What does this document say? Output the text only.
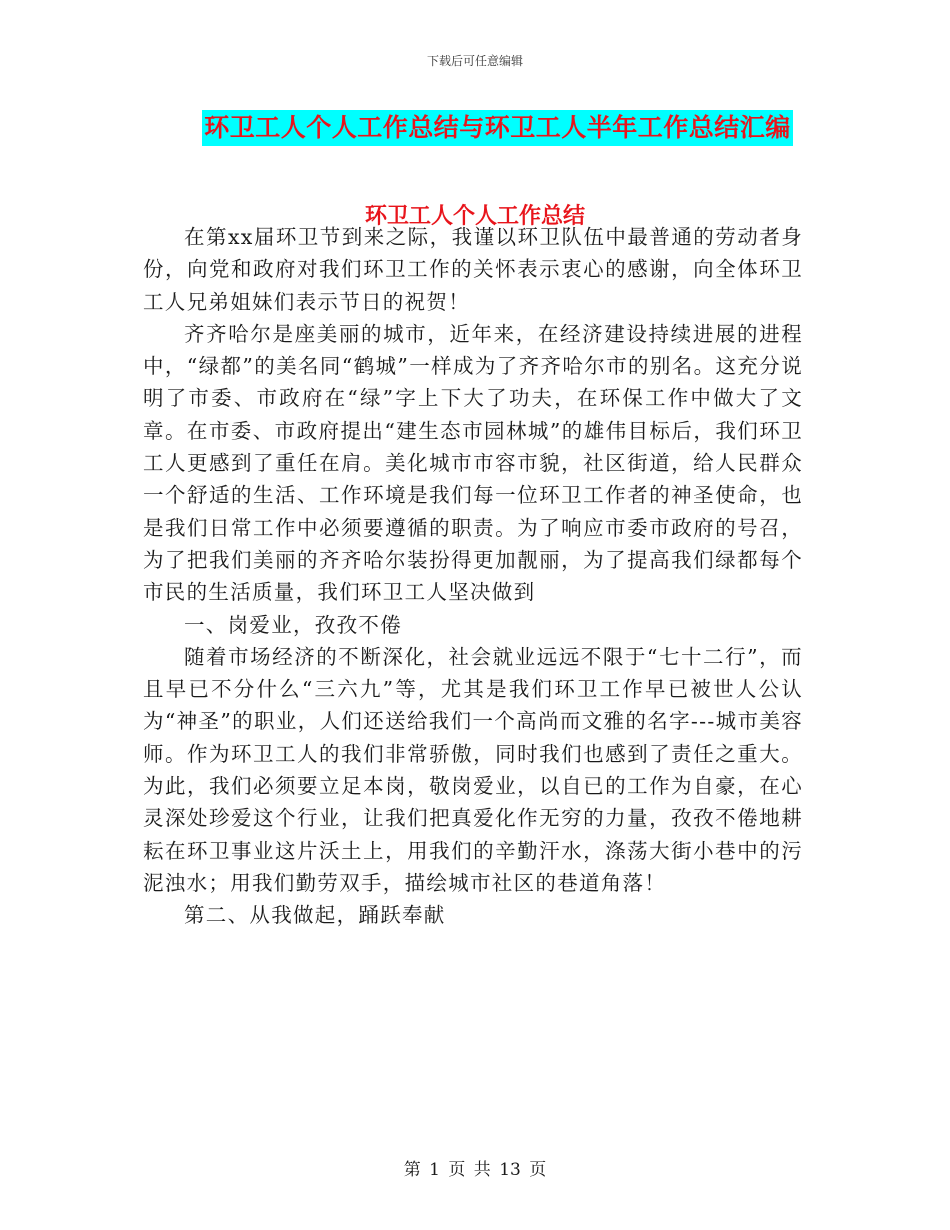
下载后可任意编辑
环卫工人个人工作总结与环卫工人半年工作总结汇编
环卫工人个人工作总结

在第xx届环卫节到来之际，我谨以环卫队伍中最普通的劳动者身份，向党和政府对我们环卫工作的关怀表示衷心的感谢，向全体环卫工人兄弟姐妹们表示节日的祝贺！

齐齐哈尔是座美丽的城市，近年来，在经济建设持续进展的进程中，“绿都”的美名同“鹤城”一样成为了齐齐哈尔市的别名。这充分说明了市委、市政府在“绿”字上下大了功夫，在环保工作中做大了文章。在市委、市政府提出“建生态市园林城”的雄伟目标后，我们环卫工人更感到了重任在肩。美化城市市容市貌，社区街道，给人民群众一个舒适的生活、工作环境是我们每一位环卫工作者的神圣使命，也是我们日常工作中必须要遵循的职责。为了响应市委市政府的号召，为了把我们美丽的齐齐哈尔装扮得更加靓丽，为了提高我们绿都每个市民的生活质量，我们环卫工人坚决做到

一、岗爱业，孜孜不倦

随着市场经济的不断深化，社会就业远远不限于“七十二行”，而且早已不分什么“三六九”等，尤其是我们环卫工作早已被世人公认为“神圣”的职业，人们还送给我们一个高尚而文雅的名字---城市美容师。作为环卫工人的我们非常骄傲，同时我们也感到了责任之重大。为此，我们必须要立足本岗，敬岗爱业，以自已的工作为自豪，在心灵深处珍爱这个行业，让我们把真爱化作无穷的力量，孜孜不倦地耕耘在环卫事业这片沃土上，用我们的辛勤汗水，涤荡大街小巷中的污泥浊水；用我们勤劳双手，描绘城市社区的巷道角落！

第二、从我做起，踊跃奉献

第 1 页 共 13 页
